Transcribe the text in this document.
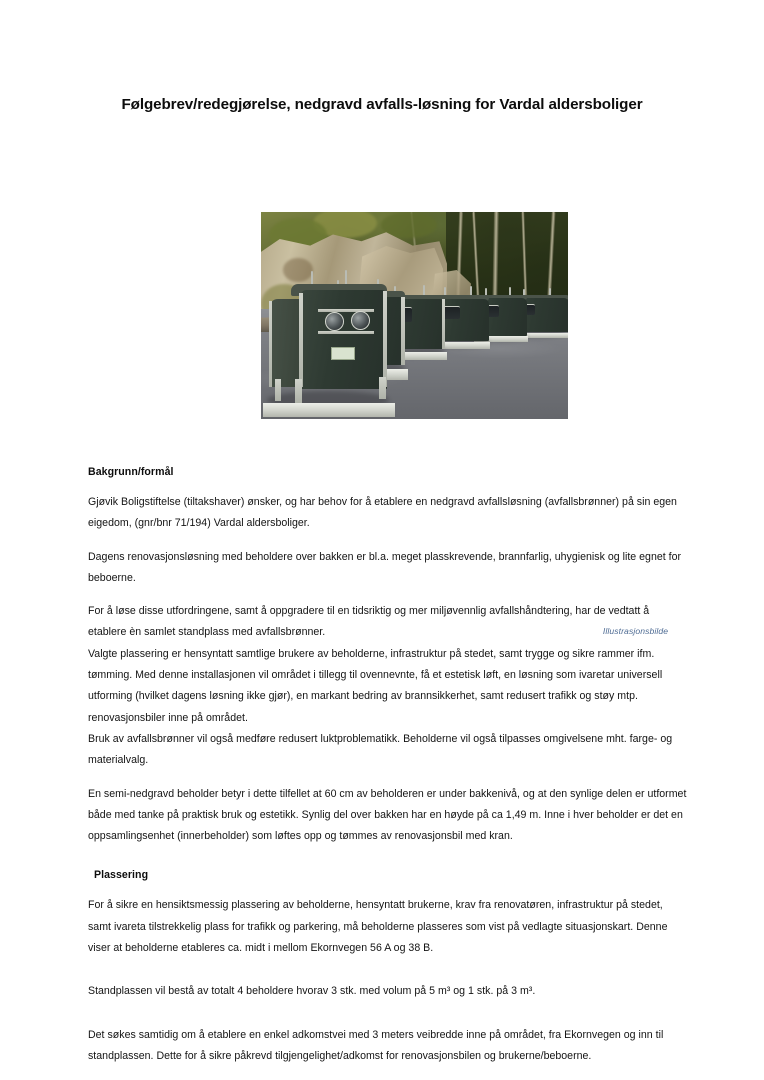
Følgebrev/redegjørelse, nedgravd avfalls-løsning for Vardal aldersboliger
Illustrasjonsbilde
Bakgrunn/formål

Gjøvik Boligstiftelse (tiltakshaver) ønsker, og har behov for å etablere en nedgravd avfallsløsning (avfallsbrønner) på sin egen eigedom, (gnr/bnr 71/194) Vardal aldersboliger.

Dagens renovasjonsløsning med beholdere over bakken er bl.a. meget plasskrevende, brannfarlig, uhygienisk og lite egnet for beboerne.

For å løse disse utfordringene, samt å oppgradere til en tidsriktig og mer miljøvennlig avfallshåndtering, har de vedtatt å etablere èn samlet standplass med avfallsbrønner.

Valgte plassering er hensyntatt samtlige brukere av beholderne, infrastruktur på stedet, samt trygge og sikre rammer ifm. tømming. Med denne installasjonen vil området i tillegg til ovennevnte, få et estetisk løft, en løsning som ivaretar universell utforming (hvilket dagens løsning ikke gjør), en markant bedring av brannsikkerhet, samt redusert trafikk og støy mtp. renovasjonsbiler inne på området.

Bruk av avfallsbrønner vil også medføre redusert luktproblematikk. Beholderne vil også tilpasses omgivelsene mht. farge- og materialvalg.

En semi-nedgravd beholder betyr i dette tilfellet at 60 cm av beholderen er under bakkenivå, og at den synlige delen er utformet både med tanke på praktisk bruk og estetikk. Synlig del over bakken har en høyde på ca 1,49 m. Inne i hver beholder er det en oppsamlingsenhet (innerbeholder) som løftes opp og tømmes av renovasjonsbil med kran.

Plassering

For å sikre en hensiktsmessig plassering av beholderne, hensyntatt brukerne, krav fra renovatøren, infrastruktur på stedet, samt ivareta tilstrekkelig plass for trafikk og parkering, må beholderne plasseres som vist på vedlagte situasjonskart. Denne viser at beholderne etableres ca. midt i mellom Ekornvegen 56 A og 38 B.

Standplassen vil bestå av totalt 4 beholdere hvorav 3 stk. med volum på 5 m³ og 1 stk. på 3 m³.

Det søkes samtidig om å etablere en enkel adkomstvei med 3 meters veibredde inne på området, fra Ekornvegen og inn til standplassen. Dette for å sikre påkrevd tilgjengelighet/adkomst for renovasjonsbilen og brukerne/beboerne.
